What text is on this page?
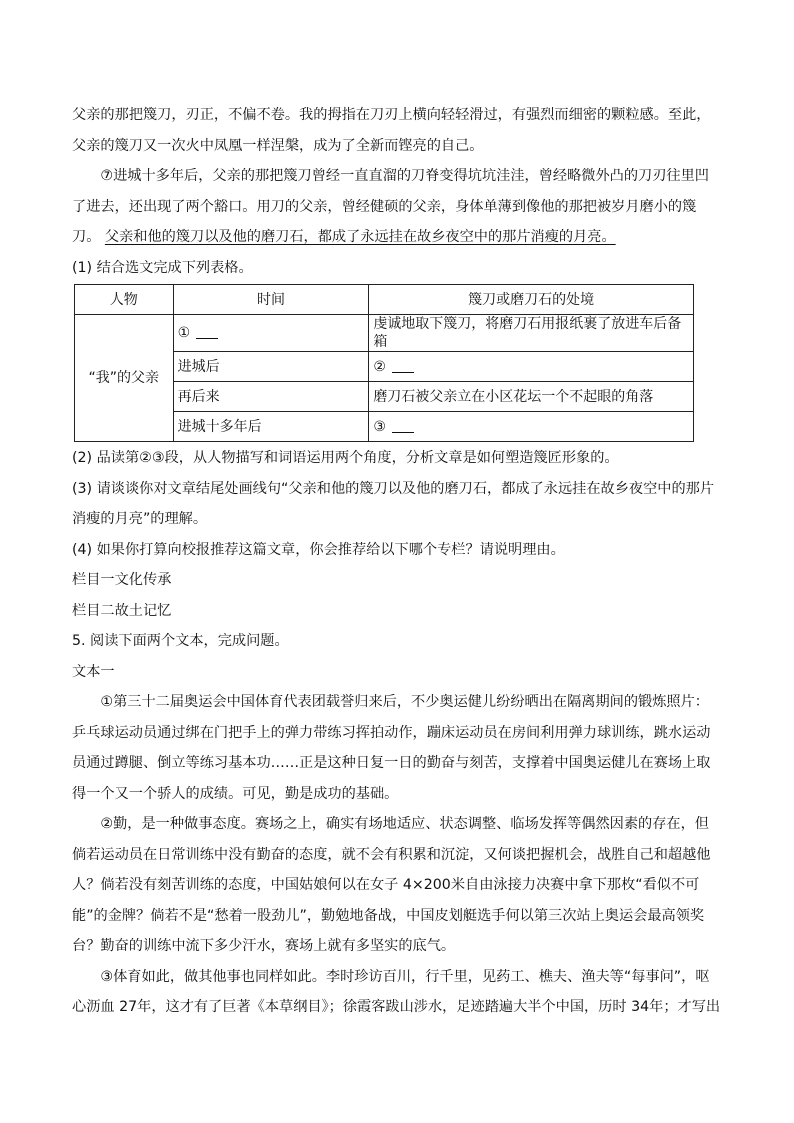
父亲的那把篾刀，刃正，不偏不卷。我的拇指在刀刃上横向轻轻滑过，有强烈而细密的颗粒感。至此，父亲的篾刀又一次火中凤凰一样涅槃，成为了全新而铿亮的自己。

⑦进城十多年后，父亲的那把篾刀曾经一直直溜的刀脊变得坑坑洼洼，曾经略微外凸的刀刃往里凹了进去，还出现了两个豁口。用刀的父亲，曾经健硕的父亲，身体单薄到像他的那把被岁月磨小的篾刀。 父亲和他的篾刀以及他的磨刀石，都成了永远挂在故乡夜空中的那片消瘦的月亮。

(1) 结合选文完成下列表格。

人物	时间	篾刀或磨刀石的处境
“我”的父亲	①	虔诚地取下篾刀，将磨刀石用报纸裹了放进车后备箱
	进城后	②
	再后来	磨刀石被父亲立在小区花坛一个不起眼的角落
	进城十多年后	③

(2) 品读第②③段，从人物描写和词语运用两个角度，分析文章是如何塑造篾匠形象的。

(3) 请谈谈你对文章结尾处画线句“父亲和他的篾刀以及他的磨刀石，都成了永远挂在故乡夜空中的那片消瘦的月亮”的理解。

(4) 如果你打算向校报推荐这篇文章，你会推荐给以下哪个专栏？请说明理由。

栏目一文化传承

栏目二故土记忆

5. 阅读下面两个文本，完成问题。

文本一

①第三十二届奥运会中国体育代表团载誉归来后，不少奥运健儿纷纷晒出在隔离期间的锻炼照片：乒乓球运动员通过绑在门把手上的弹力带练习挥拍动作，蹦床运动员在房间利用弹力球训练，跳水运动员通过蹲腿、倒立等练习基本功……正是这种日复一日的勤奋与刻苦，支撑着中国奥运健儿在赛场上取得一个又一个骄人的成绩。可见，勤是成功的基础。

②勤，是一种做事态度。赛场之上，确实有场地适应、状态调整、临场发挥等偶然因素的存在，但倘若运动员在日常训练中没有勤奋的态度，就不会有积累和沉淀，又何谈把握机会，战胜自己和超越他人？倘若没有刻苦训练的态度，中国姑娘何以在女子 4×200米自由泳接力决赛中拿下那枚“看似不可能”的金牌？倘若不是“愁着一股劲儿”，勤勉地备战，中国皮划艇选手何以第三次站上奥运会最高领奖台？勤奋的训练中流下多少汗水，赛场上就有多坚实的底气。

③体育如此，做其他事也同样如此。李时珍访百川，行千里，见药工、樵夫、渔夫等“每事问”，呕心沥血 27年，这才有了巨著《本草纲目》；徐霞客跋山涉水，足迹踏遍大半个中国，历时 34年；才写出
